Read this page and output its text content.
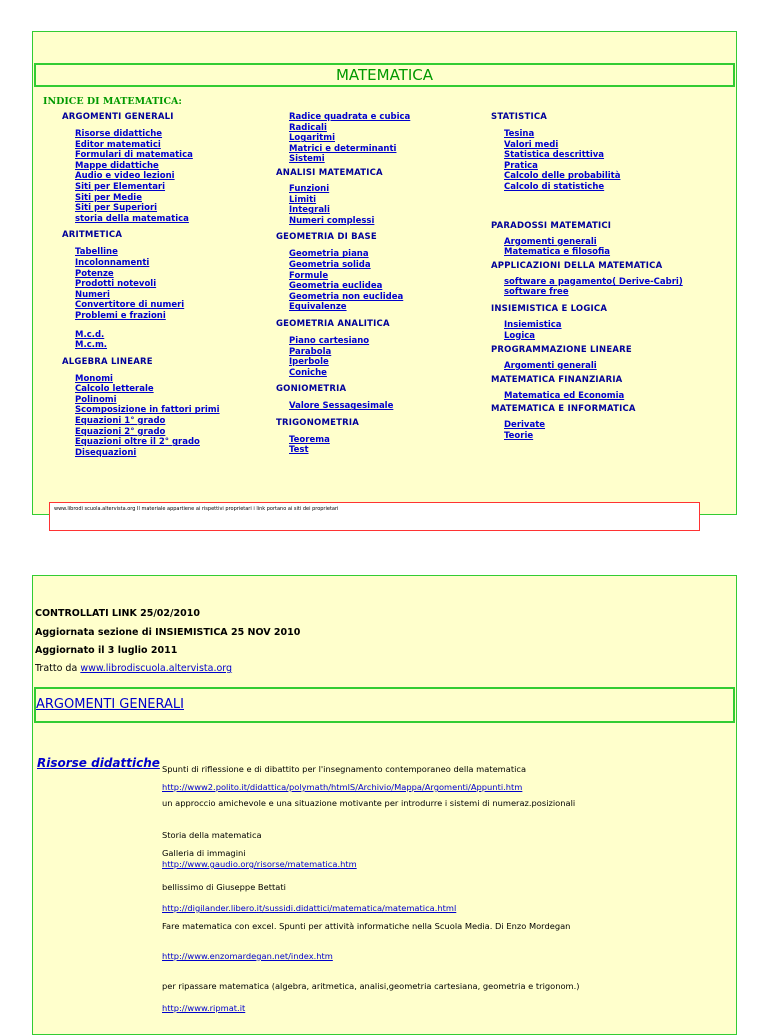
MATEMATICA
INDICE DI MATEMATICA:
ARGOMENTI GENERALI
Risorse didattiche
Editor matematici
Formulari di matematica
Mappe didattiche
Audio e video lezioni
Siti per Elementari
Siti per Medie
Siti per Superiori
storia della matematica
ARITMETICA
Tabelline
Incolonnamenti
Potenze
Prodotti notevoli
Numeri
Convertitore di numeri
Problemi e frazioni
M.c.d.
M.c.m.
ALGEBRA LINEARE
Monomi
Calcolo letterale
Polinomi
Scomposizione in fattori primi
Equazioni 1° grado
Equazioni 2° grado
Equazioni oltre il 2° grado
Disequazioni
Radice quadrata e cubica
Radicali
Logaritmi
Matrici e determinanti
Sistemi
ANALISI MATEMATICA
Funzioni
Limiti
Integrali
Numeri complessi
GEOMETRIA DI BASE
Geometria piana
Geometria solida
Formule
Geometria euclidea
Geometria non euclidea
Equivalenze
GEOMETRIA ANALITICA
Piano cartesiano
Parabola
Iperbole
Coniche
GONIOMETRIA
Valore Sessagesimale
TRIGONOMETRIA
Teorema
Test
STATISTICA
Tesina
Valori medi
Statistica descrittiva
Pratica
Calcolo delle probabilità
Calcolo di statistiche
PARADOSSI MATEMATICI
Argomenti generali
Matematica e filosofia
APPLICAZIONI DELLA MATEMATICA
software a pagamento( Derive-Cabri)
software free
INSIEMISTICA E LOGICA
Insiemistica
Logica
PROGRAMMAZIONE LINEARE
Argomenti generali
MATEMATICA FINANZIARIA
Matematica ed Economia
MATEMATICA E INFORMATICA
Derivate
Teorie
www.librodi scuola.altervista.org Il materiale appartiene ai rispettivi proprietari i link portano ai siti dei proprietari
CONTROLLATI LINK 25/02/2010
Aggiornata sezione di INSIEMISTICA 25 NOV 2010
Aggiornato il 3 luglio 2011
Tratto da www.librodiscuola.altervista.org
ARGOMENTI GENERALI
Risorse didattiche Spunti di riflessione e di dibattito per l'insegnamento contemporaneo della matematica
http://www2.polito.it/didattica/polymath/htmlS/Archivio/Mappa/Argomenti/Appunti.htm
un approccio amichevole e una situazione motivante per introdurre i sistemi di numeraz.posizionali
Storia della matematica
Galleria di immagini
http://www.gaudio.org/risorse/matematica.htm
bellissimo di Giuseppe Bettati
http://digilander.libero.it/sussidi.didattici/matematica/matematica.html
Fare matematica con excel. Spunti per attività informatiche nella Scuola Media. Di Enzo Mordegan
http://www.enzomardegan.net/index.htm
per ripassare matematica (algebra, aritmetica, analisi,geometria cartesiana, geometria e trigonom.)
http://www.ripmat.it
